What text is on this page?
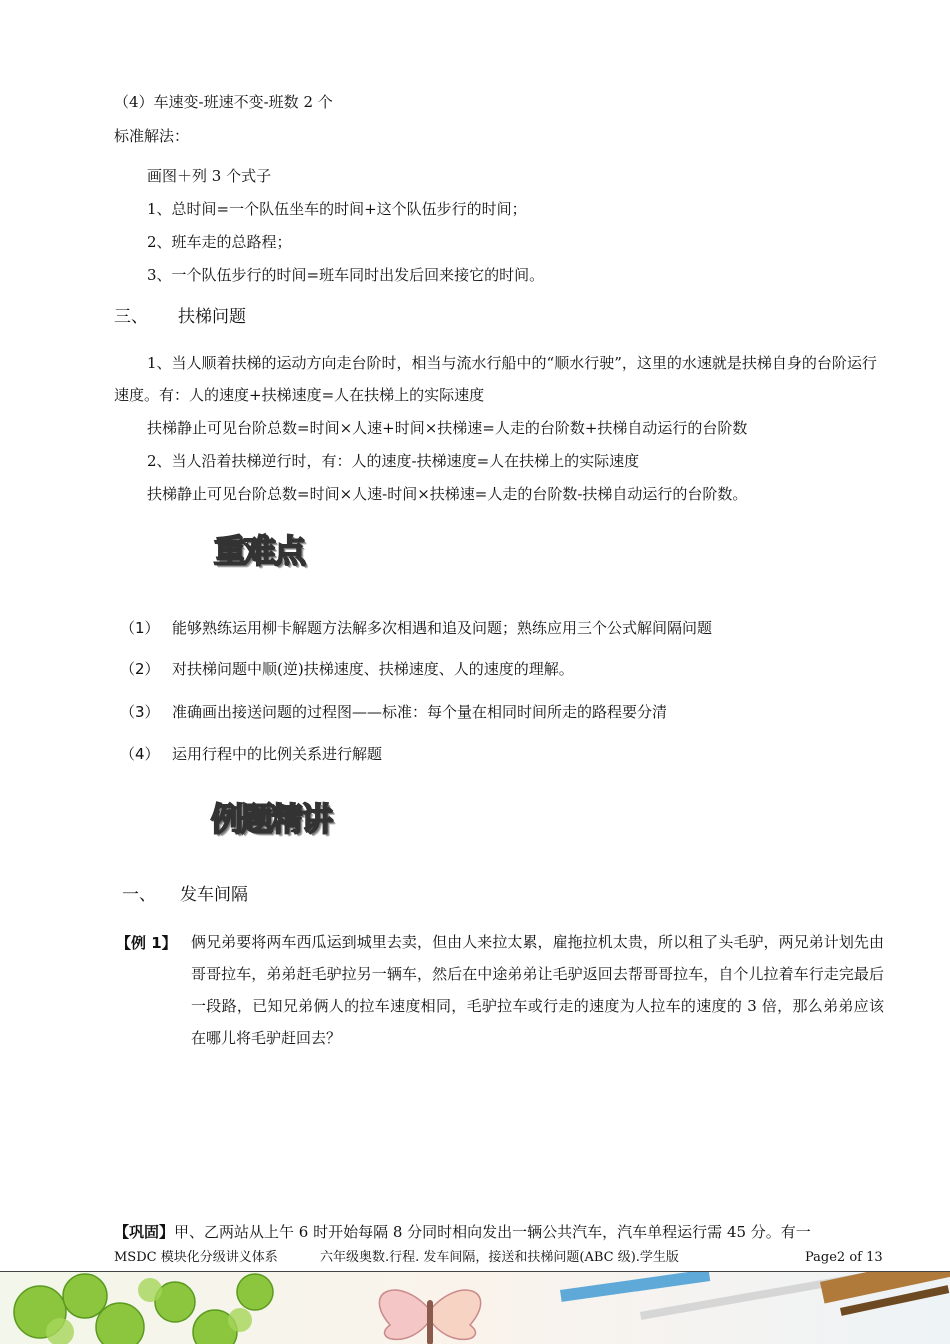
（4）车速变-班速不变-班数 2 个
标准解法：
画图＋列 3 个式子
1、总时间=一个队伍坐车的时间+这个队伍步行的时间；
2、班车走的总路程；
3、一个队伍步行的时间=班车同时出发后回来接它的时间。
三、 扶梯问题
1、当人顺着扶梯的运动方向走台阶时，相当与流水行船中的“顺水行驶”，这里的水速就是扶梯自身的台阶运行速度。有：人的速度+扶梯速度=人在扶梯上的实际速度
扶梯静止可见台阶总数=时间×人速+时间×扶梯速=人走的台阶数+扶梯自动运行的台阶数
2、当人沿着扶梯逆行时，有：人的速度-扶梯速度=人在扶梯上的实际速度
扶梯静止可见台阶总数=时间×人速-时间×扶梯速=人走的台阶数-扶梯自动运行的台阶数。
重难点
（1） 能够熟练运用柳卡解题方法解多次相遇和追及问题；熟练应用三个公式解间隔问题
（2） 对扶梯问题中顺(逆)扶梯速度、扶梯速度、人的速度的理解。
（3） 准确画出接送问题的过程图——标准：每个量在相同时间所走的路程要分清
（4） 运用行程中的比例关系进行解题
例题精讲
一、 发车间隔
【例 1】 俩兄弟要将两车西瓜运到城里去卖，但由人来拉太累，雇拖拉机太贵，所以租了头毛驴，两兄弟计划先由哥哥拉车，弟弟赶毛驴拉另一辆车，然后在中途弟弟让毛驴返回去帮哥哥拉车，自个儿拉着车行走完最后一段路，已知兄弟俩人的拉车速度相同，毛驴拉车或行走的速度为人拉车的速度的 3 倍，那么弟弟应该在哪儿将毛驴赶回去？
【巩固】甲、乙两站从上午 6 时开始每隔 8 分同时相向发出一辆公共汽车，汽车单程运行需 45 分。有一
MSDC 模块化分级讲义体系	六年级奥数.行程. 发车间隔，接送和扶梯问题(ABC 级).学生版	Page2 of 13
